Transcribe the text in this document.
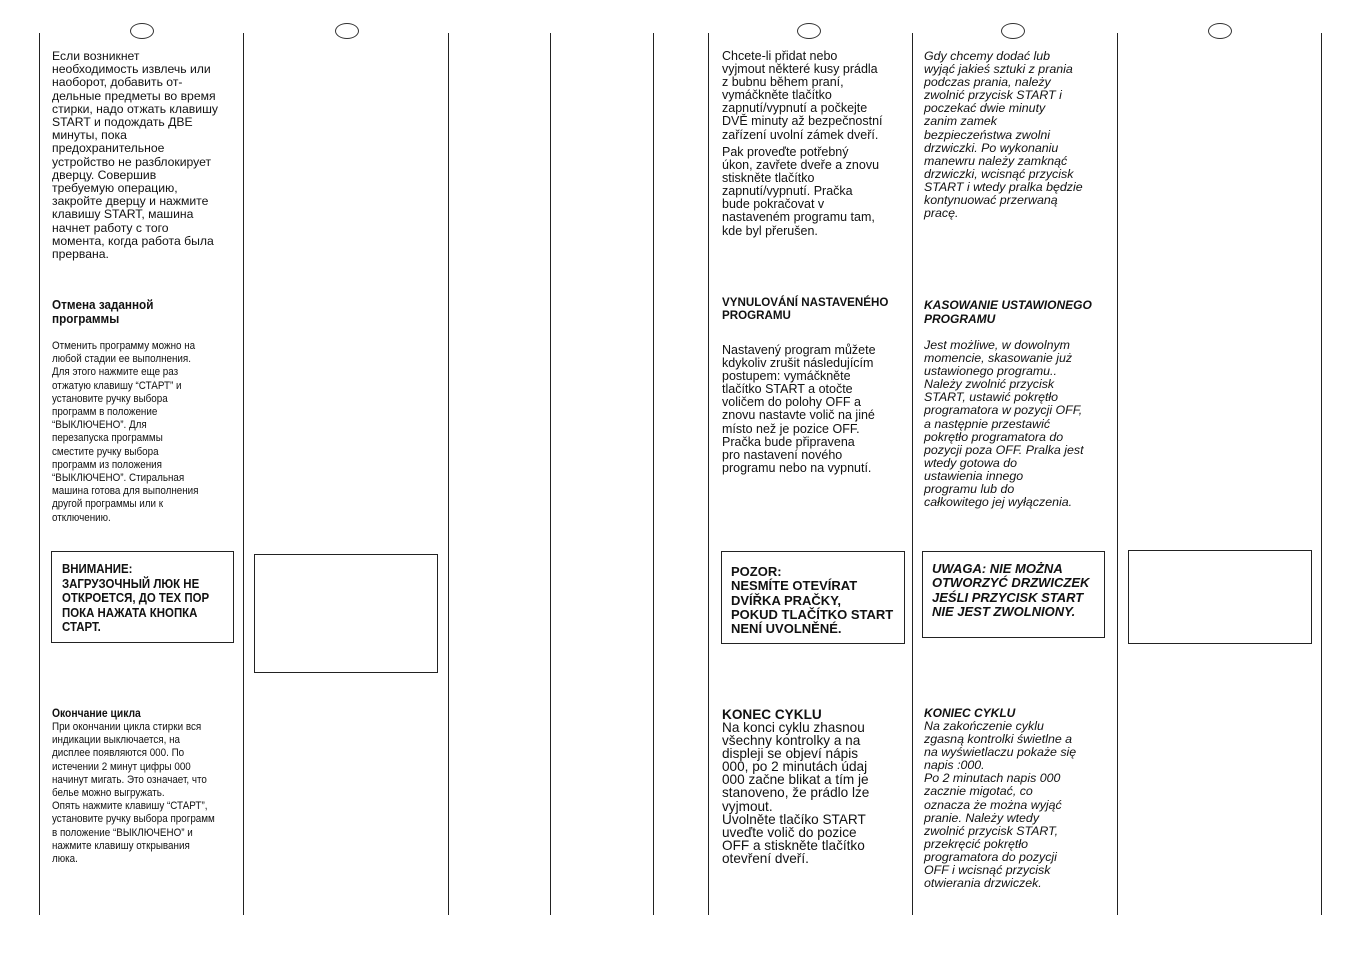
Если возникнет
необходимость извлечь или
наоборот, добавить от-
дельные предметы во время
стирки, надо отжать клавишу
START и подождать ДВЕ
минуты, пока
предохранительное
устройство не разблокирует
дверцу. Совершив
требуемую операцию,
закройте дверцу и нажмите
клавишу START, машина
начнет работу с того
момента, когда работа была
прервана.

Отмена заданной
программы

Отменить программу можно на
любой стадии ее выполнения.
Для этого нажмите еще раз
отжатую клавишу “СТАРТ” и
установите ручку выбора
программ в положение
“ВЫКЛЮЧЕНО”. Для
перезапуска программы
сместите ручку выбора
программ из положения
“ВЫКЛЮЧЕНО”. Стиральная
машина готова для выполнения
другой программы или к
отключению.

ВНИМАНИЕ:
ЗАГРУЗОЧНЫЙ ЛЮК НЕ
ОТКРОЕТСЯ, ДО ТЕХ ПОР
ПОКА НАЖАТА КНОПКА
СТАРТ.

Окончание цикла

При окончании цикла стирки вся
индикации выключается, на
дисплее появляются 000. По
истечении 2 минут цифры 000
начинут мигать. Это означает, что
белье можно выгружать.
Опять нажмите клавишу “СТАРТ”,
установите ручку выбора программ
в положение “ВЫКЛЮЧЕНО” и
нажмите клавишу открывания
люка.

Chcete-li přidat nebo
vyjmout některé kusy prádla
z bubnu během praní,
vymáčkněte tlačítko
zapnutí/vypnutí a počkejte
DVĚ minuty až bezpečnostní
zařízení uvolní zámek dveří.

Pak proveďte potřebný
úkon, zavřete dveře a znovu
stiskněte tlačítko
zapnutí/vypnutí. Pračka
bude pokračovat v
nastaveném programu tam,
kde byl přerušen.

VYNULOVÁNÍ NASTAVENÉHO
PROGRAMU

Nastavený program můžete
kdykoliv zrušit následujícím
postupem: vymáčkněte
tlačítko START a otočte
voličem do polohy OFF a
znovu nastavte volič na jiné
místo než je pozice OFF.
Pračka bude připravena
pro nastavení nového
programu nebo na vypnutí.

POZOR:
NESMÍTE OTEVÍRAT
DVÍŘKA PRAČKY,
POKUD TLAČÍTKO START
NENÍ UVOLNĚNÉ.

KONEC CYKLU

Na konci cyklu zhasnou
všechny kontrolky a na
displeji se objeví nápis
000, po 2 minutách údaj
000 začne blikat a tím je
stanoveno, že prádlo lze
vyjmout.
Uvolněte tlačíko START
uveďte volič do pozice
OFF a stiskněte tlačítko
otevření dveří.

Gdy chcemy dodać lub
wyjąć jakieś sztuki z prania
podczas prania, należy
zwolnić przycisk START i
poczekać dwie minuty
zanim zamek
bezpieczeństwa zwolni
drzwiczki. Po wykonaniu
manewru należy zamknąć
drzwiczki, wcisnąć przycisk
START i wtedy pralka będzie
kontynuować przerwaną
pracę.

KASOWANIE USTAWIONEGO
PROGRAMU

Jest możliwe, w dowolnym
momencie, skasowanie już
ustawionego programu..
Należy zwolnić przycisk
START, ustawić pokrętło
programatora w pozycji OFF,
a następnie przestawić
pokrętło programatora do
pozycji poza OFF. Pralka jest
wtedy gotowa do
ustawienia innego
programu lub do
całkowitego jej wyłączenia.

UWAGA: NIE MOŻNA
OTWORZYĆ DRZWICZEK
JEŚLI PRZYCISK START
NIE JEST ZWOLNIONY.

KONIEC CYKLU

Na zakończenie cyklu
zgasną kontrolki świetlne a
na wyświetlaczu pokaże się
napis :000.
Po 2 minutach napis 000
zacznie migotać, co
oznacza że można wyjąć
pranie. Należy wtedy
zwolnić przycisk START,
przekręcić pokrętło
programatora do pozycji
OFF i wcisnąć przycisk
otwierania drzwiczek.
